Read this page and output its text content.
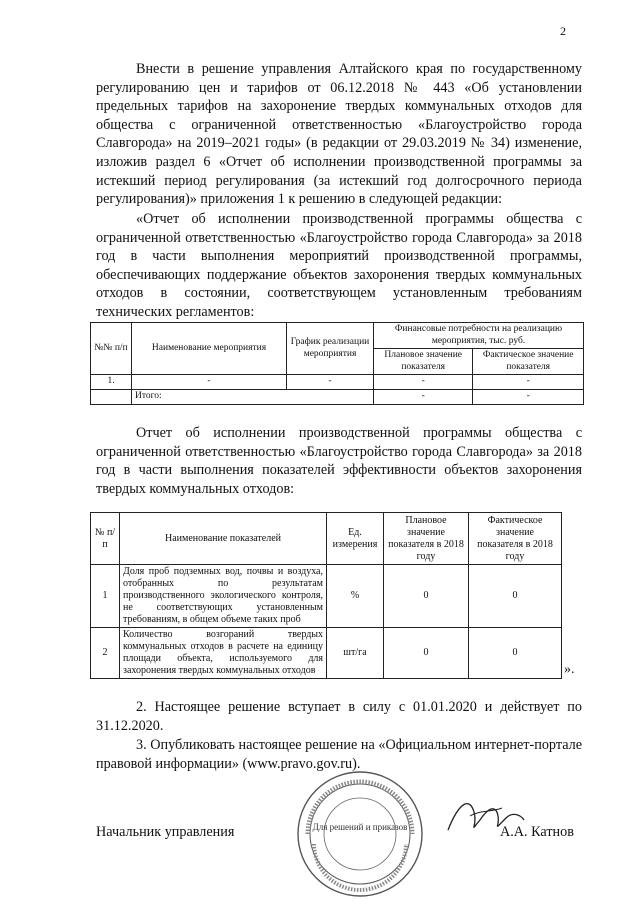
2

Внести в решение управления Алтайского края по государственному регулированию цен и тарифов от 06.12.2018 № 443 «Об установлении предельных тарифов на захоронение твердых коммунальных отходов для общества с ограниченной ответственностью «Благоустройство города Славгорода» на 2019–2021 годы» (в редакции от 29.03.2019 № 34) изменение, изложив раздел 6 «Отчет об исполнении производственной программы за истекший период регулирования (за истекший год долгосрочного периода регулирования)» приложения 1 к решению в следующей редакции:

«Отчет об исполнении производственной программы общества с ограниченной ответственностью «Благоустройство города Славгорода» за 2018 год в части выполнения мероприятий производственной программы, обеспечивающих поддержание объектов захоронения твердых коммунальных отходов в состоянии, соответствующем установленным требованиям технических регламентов:

№№ п/п	Наименование мероприятия	График реализации мероприятия	Финансовые потребности на реализацию мероприятия, тыс. руб.	
			Плановое значение показателя	Фактическое значение показателя
1.	-	-	-	-
	Итого:		-	-

Отчет об исполнении производственной программы общества с ограниченной ответственностью «Благоустройство города Славгорода» за 2018 год в части выполнения показателей эффективности объектов захоронения твердых коммунальных отходов:

№ п/п	Наименование показателей	Ед. измерения	Плановое значение показателя в 2018 году	Фактическое значение показателя в 2018 году
1	Доля проб подземных вод, почвы и воздуха, отобранных по результатам производственного экологического контроля, не соответствующих установленным требованиям, в общем объеме таких проб	%	0	0
2	Количество возгораний твердых коммунальных отходов в расчете на единицу площади объекта, используемого для захоронения твердых коммунальных отходов	шт/га	0	0
».

2. Настоящее решение вступает в силу с 01.01.2020 и действует по 31.12.2020.

3. Опубликовать настоящее решение на «Официальном интернет-портале правовой информации» (www.pravo.gov.ru).

Для решений и приказов
Начальник управления	А.А. Катнов
